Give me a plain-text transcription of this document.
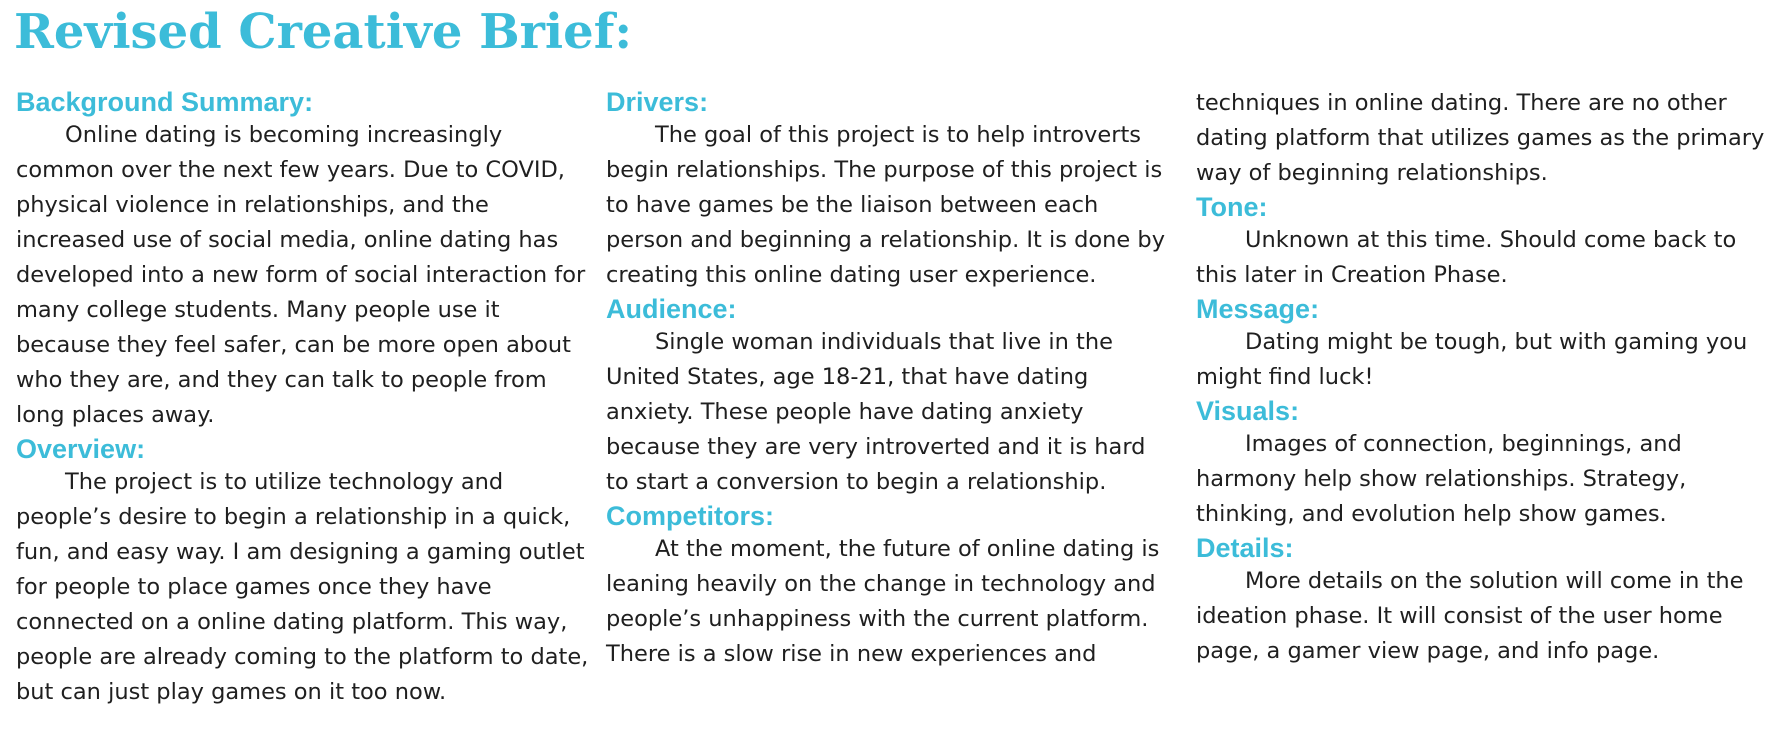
Revised Creative Brief:
Background Summary:

Online dating is becoming increasingly common over the next few years. Due to COVID, physical violence in relationships, and the increased use of social media, online dating has developed into a new form of social interaction for many college students. Many people use it because they feel safer, can be more open about who they are, and they can talk to people from long places away.

Overview:

The project is to utilize technology and people’s desire to begin a relationship in a quick, fun, and easy way. I am designing a gaming outlet for people to place games once they have connected on a online dating platform. This way, people are already coming to the platform to date, but can just play games on it too now.

Drivers:

The goal of this project is to help introverts begin relationships. The purpose of this project is to have games be the liaison between each person and beginning a relationship. It is done by creating this online dating user experience.

Audience:

Single woman individuals that live in the United States, age 18-21, that have dating anxiety. These people have dating anxiety because they are very introverted and it is hard to start a conversion to begin a relationship.

Competitors:

At the moment, the future of online dating is leaning heavily on the change in technology and people’s unhappiness with the current platform. There is a slow rise in new experiences and

techniques in online dating. There are no other dating platform that utilizes games as the primary way of beginning relationships.

Tone:

Unknown at this time. Should come back to this later in Creation Phase.

Message:

Dating might be tough, but with gaming you might find luck!

Visuals:

Images of connection, beginnings, and harmony help show relationships. Strategy, thinking, and evolution help show games.

Details:

More details on the solution will come in the ideation phase. It will consist of the user home page, a gamer view page, and info page.
